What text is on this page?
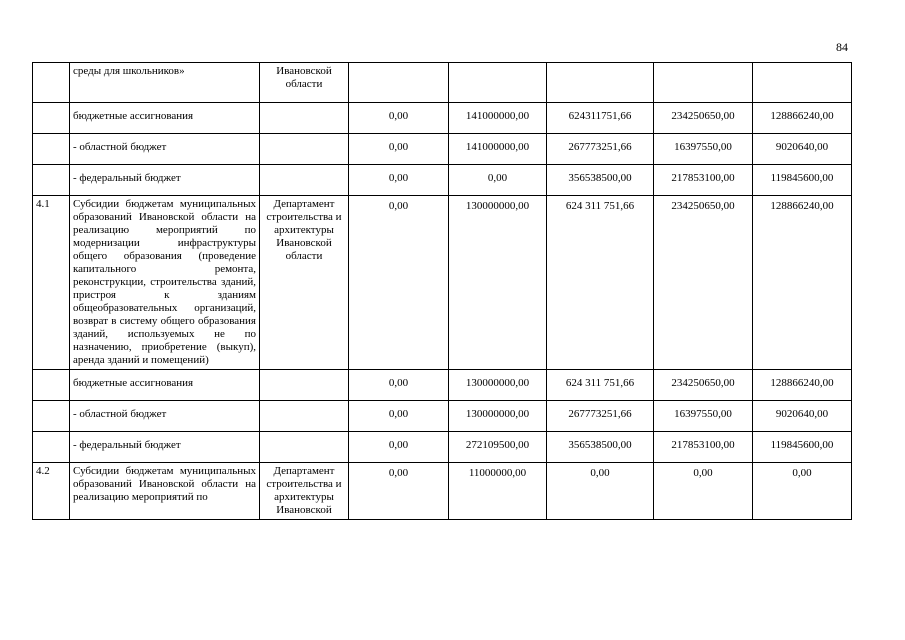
84
	среды для школьников»	Ивановской области					
	бюджетные ассигнования		0,00	141000000,00	624311751,66	234250650,00	128866240,00
	- областной бюджет		0,00	141000000,00	267773251,66	16397550,00	9020640,00
	- федеральный бюджет		0,00	0,00	356538500,00	217853100,00	119845600,00
4.1	Субсидии бюджетам муниципальных образований Ивановской области на реализацию мероприятий по модернизации инфраструктуры общего образования (проведение капитального ремонта, реконструкции, строительства зданий, пристроя к зданиям общеобразовательных организаций, возврат в систему общего образования зданий, используемых не по назначению, приобретение (выкуп), аренда зданий и помещений)	Департамент строительства и архитектуры Ивановской области	0,00	130000000,00	624 311 751,66	234250650,00	128866240,00
	бюджетные ассигнования		0,00	130000000,00	624 311 751,66	234250650,00	128866240,00
	- областной бюджет		0,00	130000000,00	267773251,66	16397550,00	9020640,00
	- федеральный бюджет		0,00	272109500,00	356538500,00	217853100,00	119845600,00
4.2	Субсидии бюджетам муниципальных образований Ивановской области на реализацию мероприятий по	Департамент строительства и архитектуры Ивановской	0,00	11000000,00	0,00	0,00	0,00
